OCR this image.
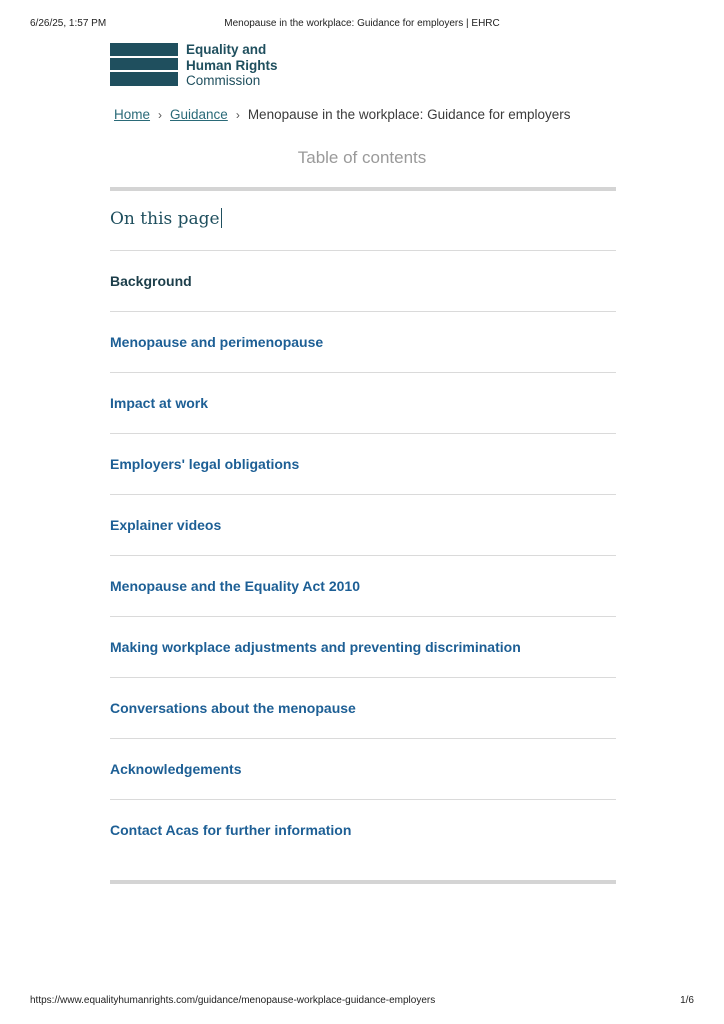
6/26/25, 1:57 PM	Menopause in the workplace: Guidance for employers | EHRC
Equality and
Human Rights
Commission
Home › Guidance › Menopause in the workplace: Guidance for employers
Table of contents
On this page
Background
Menopause and perimenopause
Impact at work
Employers' legal obligations
Explainer videos
Menopause and the Equality Act 2010
Making workplace adjustments and preventing discrimination
Conversations about the menopause
Acknowledgements
Contact Acas for further information
https://www.equalityhumanrights.com/guidance/menopause-workplace-guidance-employers	1/6
